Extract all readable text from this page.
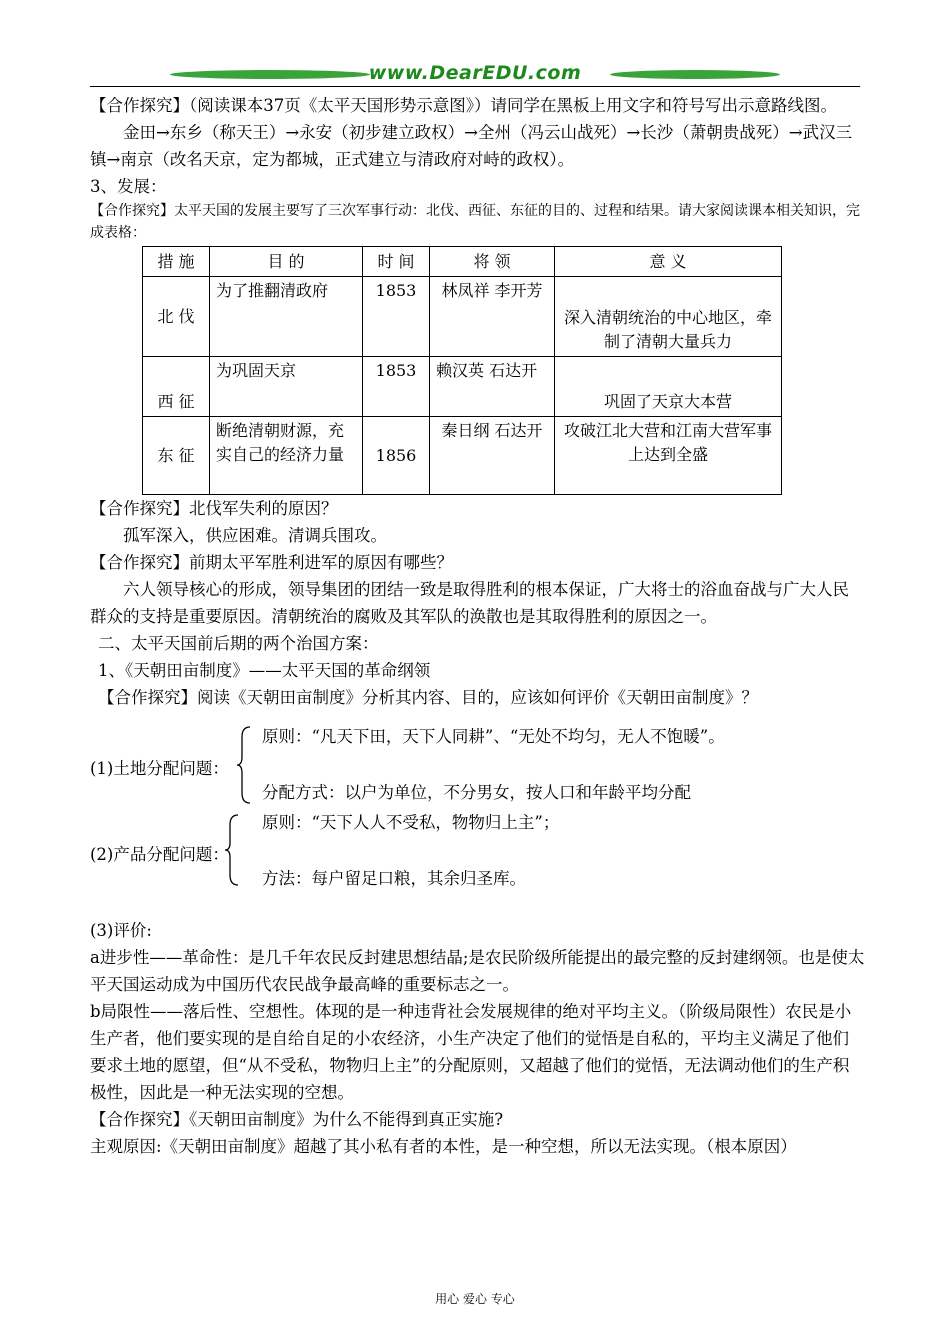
www.DearEDU.com

【合作探究】（阅读课本37页《太平天国形势示意图》）请同学在黑板上用文字和符号写出示意路线图。

金田→东乡（称天王）→永安（初步建立政权）→全州（冯云山战死）→长沙（萧朝贵战死）→武汉三镇→南京（改名天京，定为都城，正式建立与清政府对峙的政权）。

3、发展：

【合作探究】太平天国的发展主要写了三次军事行动：北伐、西征、东征的目的、过程和结果。请大家阅读课本相关知识，完成表格：

措 施	目 的	时 间	将 领	意 义
北 伐	为了推翻清政府	1853	林凤祥 李开芳	深入清朝统治的中心地区，牵制了清朝大量兵力
西 征	为巩固天京	1853	赖汉英 石达开	巩固了天京大本营
东 征	断绝清朝财源，充实自己的经济力量	1856	秦日纲 石达开	攻破江北大营和江南大营军事上达到全盛

【合作探究】北伐军失利的原因？

孤军深入，供应困难。清调兵围攻。

【合作探究】前期太平军胜利进军的原因有哪些？

六人领导核心的形成，领导集团的团结一致是取得胜利的根本保证，广大将士的浴血奋战与广大人民群众的支持是重要原因。清朝统治的腐败及其军队的涣散也是其取得胜利的原因之一。

二、太平天国前后期的两个治国方案：

1、《天朝田亩制度》——太平天国的革命纲领

【合作探究】阅读《天朝田亩制度》分析其内容、目的，应该如何评价《天朝田亩制度》？

(1)土地分配问题：
原则：“凡天下田，天下人同耕”、“无处不均匀，无人不饱暖”。
分配方式：以户为单位，不分男女，按人口和年龄平均分配
(2)产品分配问题：
原则：“天下人人不受私，物物归上主”；
方法：每户留足口粮，其余归圣库。

(3)评价:

a进步性——革命性：是几千年农民反封建思想结晶;是农民阶级所能提出的最完整的反封建纲领。也是使太平天国运动成为中国历代农民战争最高峰的重要标志之一。

b局限性——落后性、空想性。体现的是一种违背社会发展规律的绝对平均主义。（阶级局限性）农民是小生产者，他们要实现的是自给自足的小农经济，小生产决定了他们的觉悟是自私的，平均主义满足了他们要求土地的愿望，但“从不受私，物物归上主”的分配原则，又超越了他们的觉悟，无法调动他们的生产积极性，因此是一种无法实现的空想。

【合作探究】《天朝田亩制度》为什么不能得到真正实施?

主观原因:《天朝田亩制度》超越了其小私有者的本性，是一种空想，所以无法实现。（根本原因）

用心 爱心 专心
